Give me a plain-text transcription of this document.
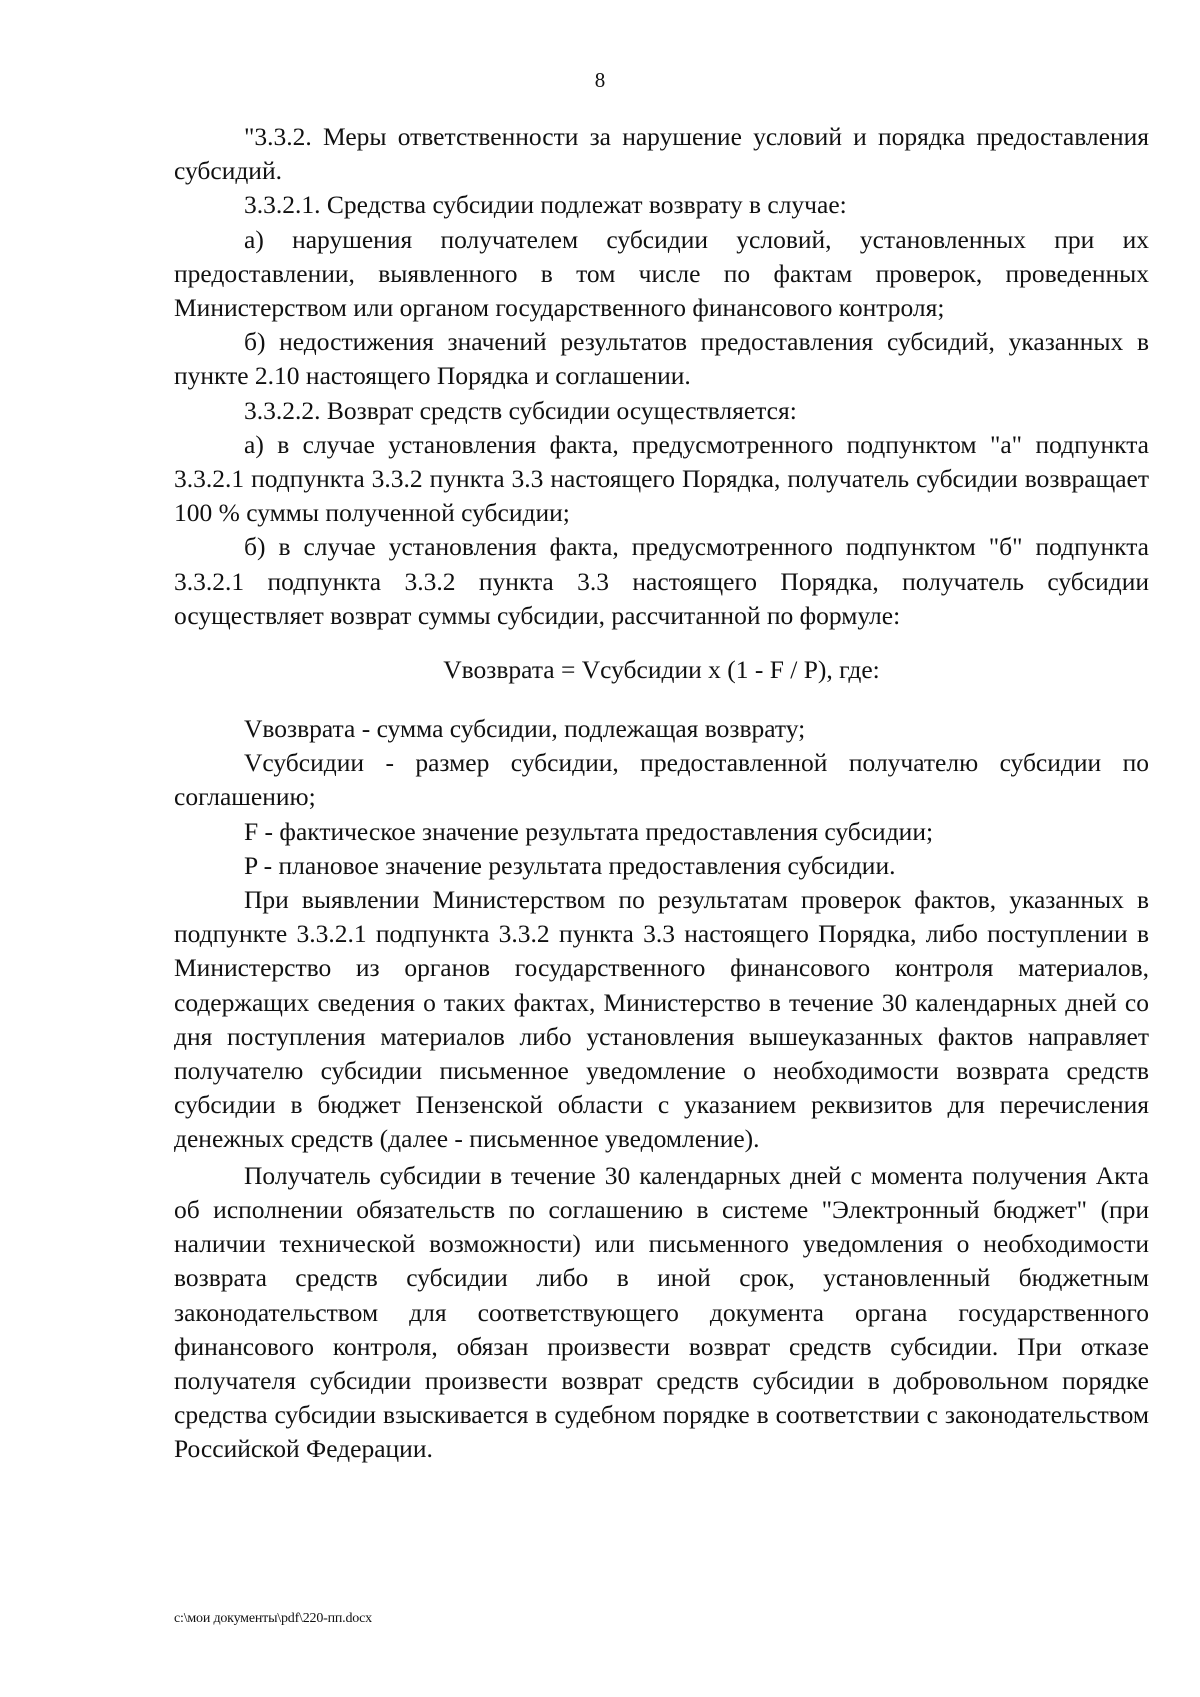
8

"3.3.2. Меры ответственности за нарушение условий и порядка предоставления субсидий.

3.3.2.1. Средства субсидии подлежат возврату в случае:

а) нарушения получателем субсидии условий, установленных при их предоставлении, выявленного в том числе по фактам проверок, проведенных Министерством или органом государственного финансового контроля;

б) недостижения значений результатов предоставления субсидий, указанных в пункте 2.10 настоящего Порядка и соглашении.

3.3.2.2. Возврат средств субсидии осуществляется:

а) в случае установления факта, предусмотренного подпунктом "а" подпункта 3.3.2.1 подпункта 3.3.2 пункта 3.3 настоящего Порядка, получатель субсидии возвращает 100 % суммы полученной субсидии;

б) в случае установления факта, предусмотренного подпунктом "б" подпункта 3.3.2.1 подпункта 3.3.2 пункта 3.3 настоящего Порядка, получатель субсидии осуществляет возврат суммы субсидии, рассчитанной по формуле:

Vвозврата = Vсубсидии x (1 - F / P), где:

Vвозврата - сумма субсидии, подлежащая возврату;

Vсубсидии - размер субсидии, предоставленной получателю субсидии по соглашению;

F - фактическое значение результата предоставления субсидии;

P - плановое значение результата предоставления субсидии.

При выявлении Министерством по результатам проверок фактов, указанных в подпункте 3.3.2.1 подпункта 3.3.2 пункта 3.3 настоящего Порядка, либо поступлении в Министерство из органов государственного финансового контроля материалов, содержащих сведения о таких фактах, Министерство в течение 30 календарных дней со дня поступления материалов либо установления вышеуказанных фактов направляет получателю субсидии письменное уведомление о необходимости возврата средств субсидии в бюджет Пензенской области с указанием реквизитов для перечисления денежных средств (далее - письменное уведомление).

Получатель субсидии в течение 30 календарных дней с момента получения Акта об исполнении обязательств по соглашению в системе "Электронный бюджет" (при наличии технической возможности) или письменного уведомления о необходимости возврата средств субсидии либо в иной срок, установленный бюджетным законодательством для соответствующего документа органа государственного финансового контроля, обязан произвести возврат средств субсидии. При отказе получателя субсидии произвести возврат средств субсидии в добровольном порядке средства субсидии взыскивается в судебном порядке в соответствии с законодательством Российской Федерации.

c:\мои документы\pdf\220-пп.docx
